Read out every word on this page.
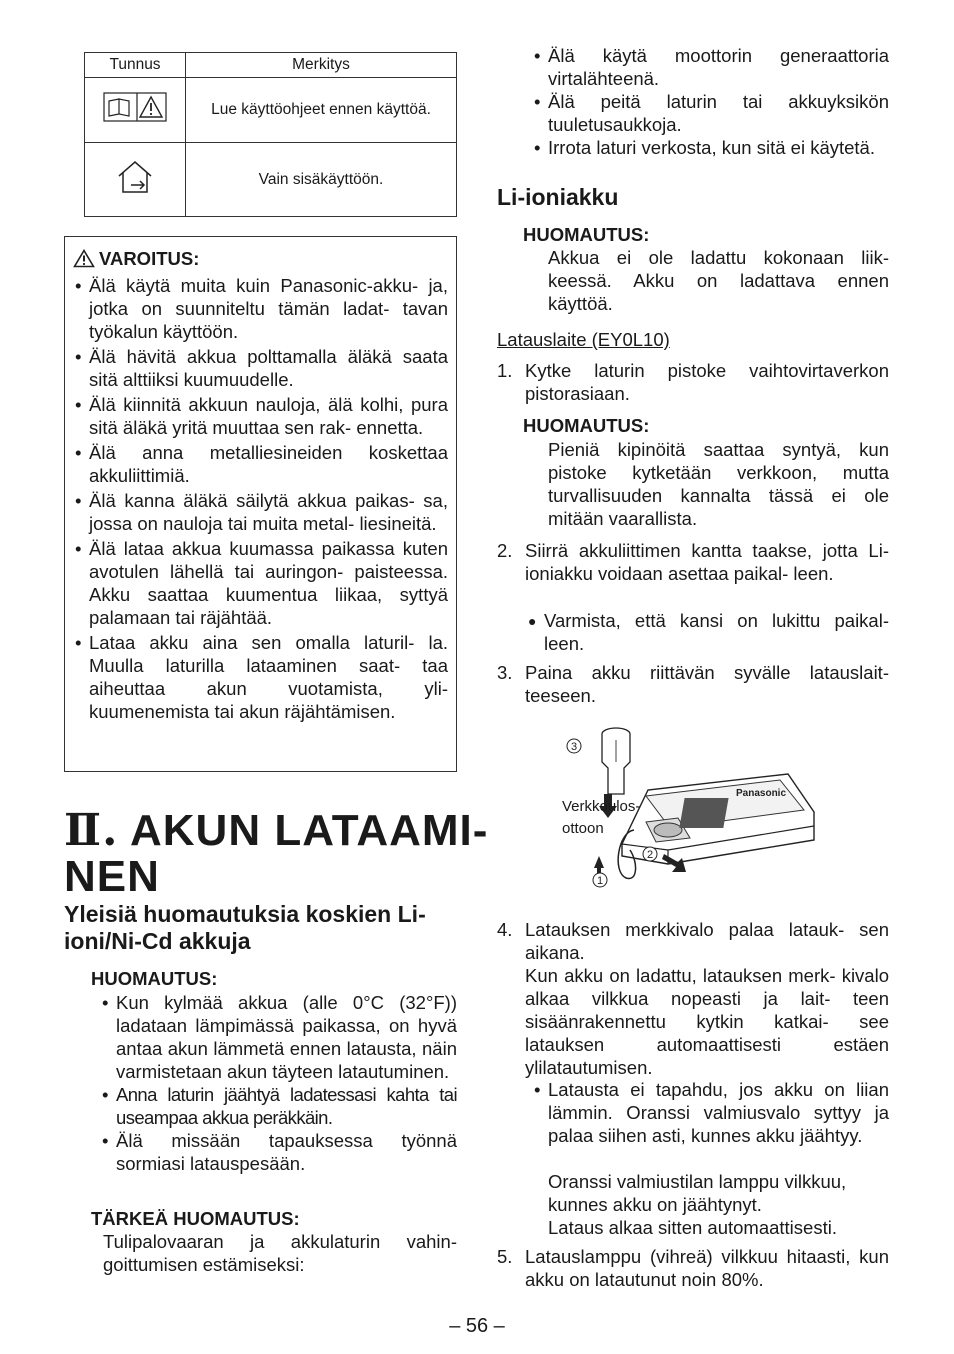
Tunnus	Merkitys
	Lue käyttöohjeet ennen käyttöä.
	Vain sisäkäyttöön.
VAROITUS:
• Älä käytä muita kuin Panasonic-akku- ja, jotka on suunniteltu tämän ladat- tavan työkalun käyttöön.
• Älä hävitä akkua polttamalla äläkä saata sitä alttiiksi kuumuudelle.
• Älä kiinnitä akkuun nauloja, älä kolhi, pura sitä äläkä yritä muuttaa sen rak- ennetta.
• Älä anna metalliesineiden koskettaa akkuliittimiä.
• Älä kanna äläkä säilytä akkua paikas- sa, jossa on nauloja tai muita metal- liesineitä.
• Älä lataa akkua kuumassa paikassa kuten avotulen lähellä tai auringon- paisteessa. Akku saattaa kuumentua liikaa, syttyä palamaan tai räjähtää.
• Lataa akku aina sen omalla laturil- la. Muulla laturilla lataaminen saat- taa aiheuttaa akun vuotamista, yli- kuumenemista tai akun räjähtämisen.
Ⅱ. AKUN LATAAMI-
NEN
Yleisiä huomautuksia koskien Li-ioni/Ni-Cd akkuja
HUOMAUTUS:
• Kun kylmää akkua (alle 0°C (32°F)) ladataan lämpimässä paikassa, on hyvä antaa akun lämmetä ennen latausta, näin varmistetaan akun täyteen latautuminen.
• Anna laturin jäähtyä ladatessasi kahta tai useampaa akkua peräkkäin.
• Älä missään tapauksessa työnnä sormiasi latauspesään.
TÄRKEÄ HUOMAUTUS:
Tulipalovaaran ja akkulaturin vahin- goittumisen estämiseksi:
• Älä käytä moottorin generaattoria virtalähteenä.
• Älä peitä laturin tai akkuyksikön tuuletusaukkoja.
• Irrota laturi verkosta, kun sitä ei käytetä.
Li-ioniakku
HUOMAUTUS:
Akkua ei ole ladattu kokonaan liik- keessä. Akku on ladattava ennen käyttöä.
Latauslaite (EY0L10)
1. Kytke laturin pistoke vaihtovirtaverkon pistorasiaan.
HUOMAUTUS:
Pieniä kipinöitä saattaa syntyä, kun pistoke kytketään verkkoon, mutta turvallisuuden kannalta tässä ei ole mitään vaarallista.
2. Siirrä akkuliittimen kantta taakse, jotta Li-ioniakku voidaan asettaa paikal- leen.
● Varmista, että kansi on lukittu paikal- leen.
3. Paina akku riittävän syvälle latauslait- teeseen.
Panasonic
3
2
1
Verkkoulos- ottoon
4. Latauksen merkkivalo palaa latauk- sen aikana.
Kun akku on ladattu, latauksen merk- kivalo alkaa vilkkua nopeasti ja lait- teen sisäänrakennettu kytkin katkai- see latauksen automaattisesti estäen ylilatautumisen.
• Latausta ei tapahdu, jos akku on liian lämmin. Oranssi valmiusvalo syttyy ja palaa siihen asti, kunnes akku jäähtyy.
Oranssi valmiustilan lamppu vilkkuu, kunnes akku on jäähtynyt.
Lataus alkaa sitten automaattisesti.
5. Latauslamppu (vihreä) vilkkuu hitaasti, kun akku on latautunut noin 80%.
– 56 –
